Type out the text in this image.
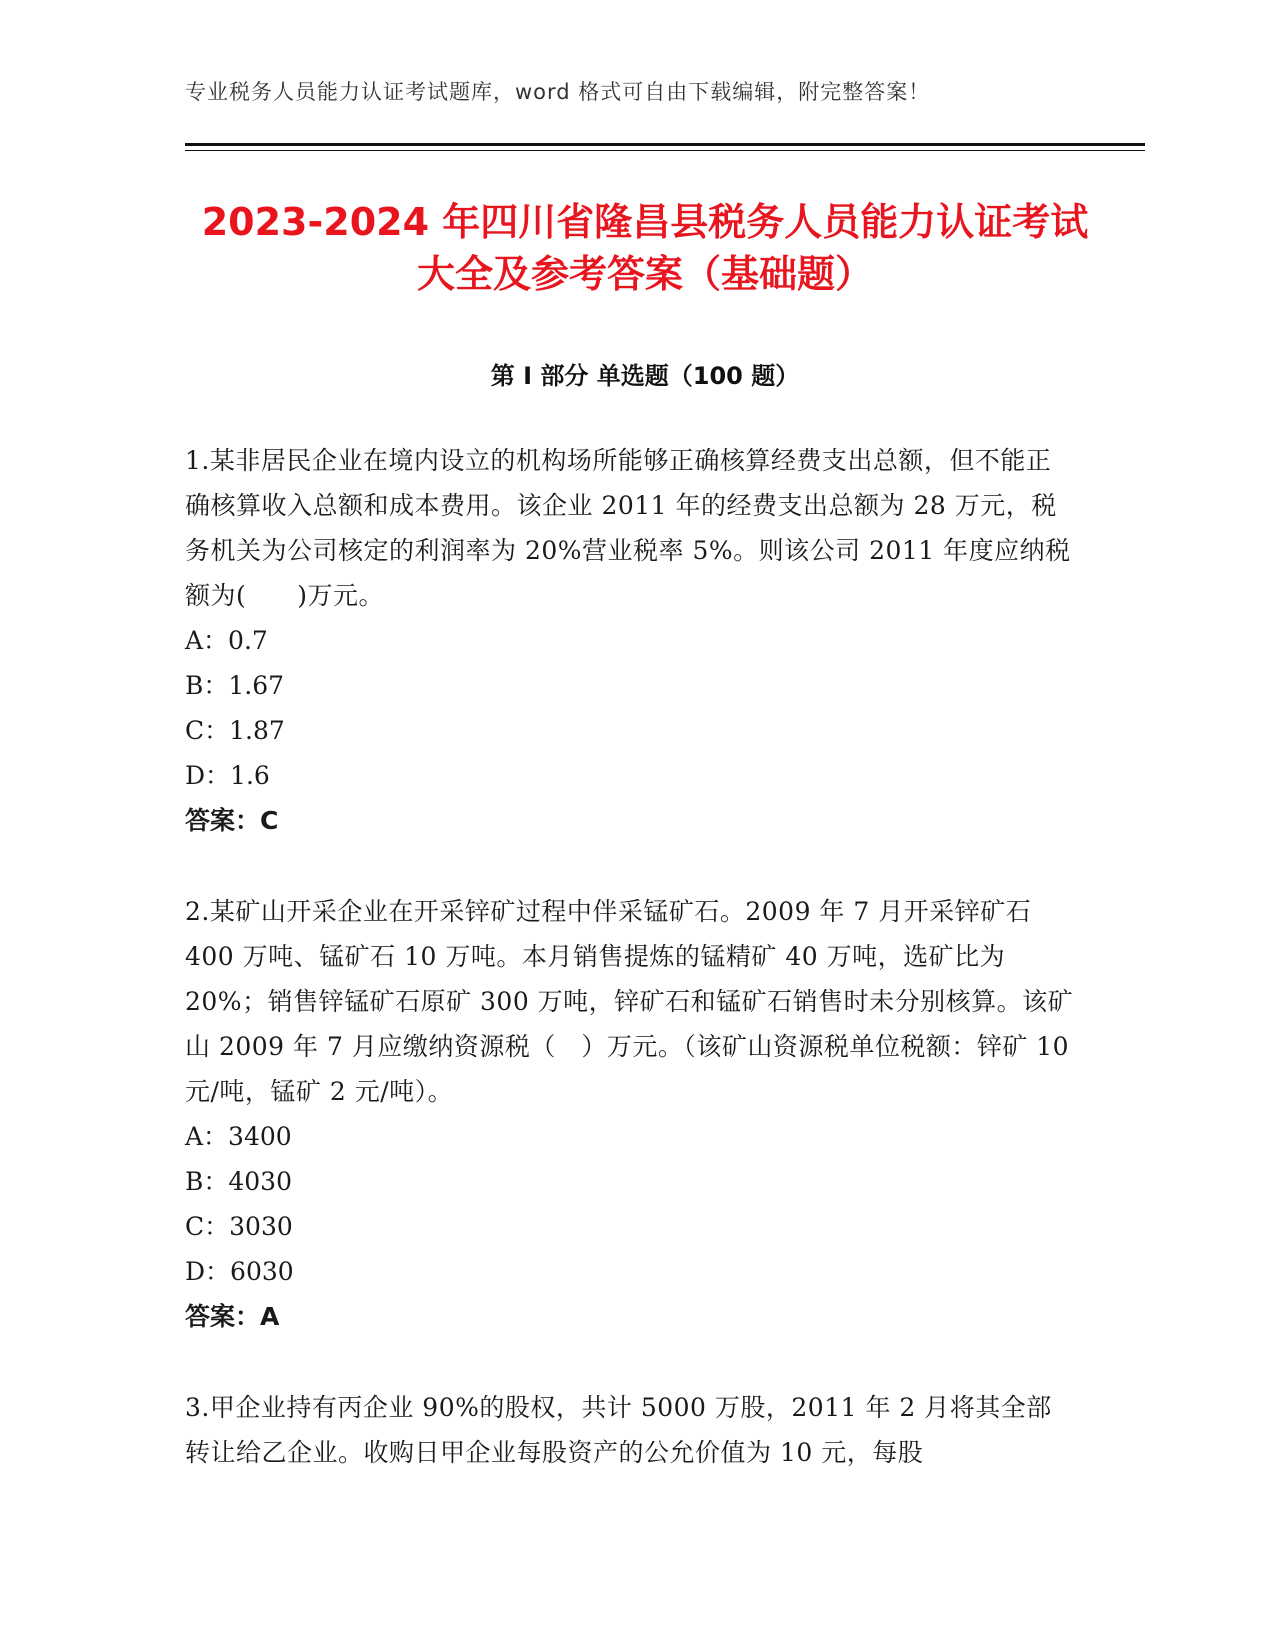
专业税务人员能力认证考试题库，word 格式可自由下载编辑，附完整答案！
2023-2024 年四川省隆昌县税务人员能力认证考试大全及参考答案（基础题）
第 I 部分 单选题（100 题）

1.某非居民企业在境内设立的机构场所能够正确核算经费支出总额，但不能正确核算收入总额和成本费用。该企业 2011 年的经费支出总额为 28 万元，税务机关为公司核定的利润率为 20%营业税率 5%。则该公司 2011 年度应纳税额为(　　)万元。

A：0.7

B：1.67

C：1.87

D：1.6

答案：C

2.某矿山开采企业在开采锌矿过程中伴采锰矿石。2009 年 7 月开采锌矿石 400 万吨、锰矿石 10 万吨。本月销售提炼的锰精矿 40 万吨，选矿比为 20%；销售锌锰矿石原矿 300 万吨，锌矿石和锰矿石销售时未分别核算。该矿山 2009 年 7 月应缴纳资源税（　）万元。（该矿山资源税单位税额：锌矿 10 元/吨，锰矿 2 元/吨）。

A：3400

B：4030

C：3030

D：6030

答案：A

3.甲企业持有丙企业 90%的股权，共计 5000 万股，2011 年 2 月将其全部转让给乙企业。收购日甲企业每股资产的公允价值为 10 元，每股
